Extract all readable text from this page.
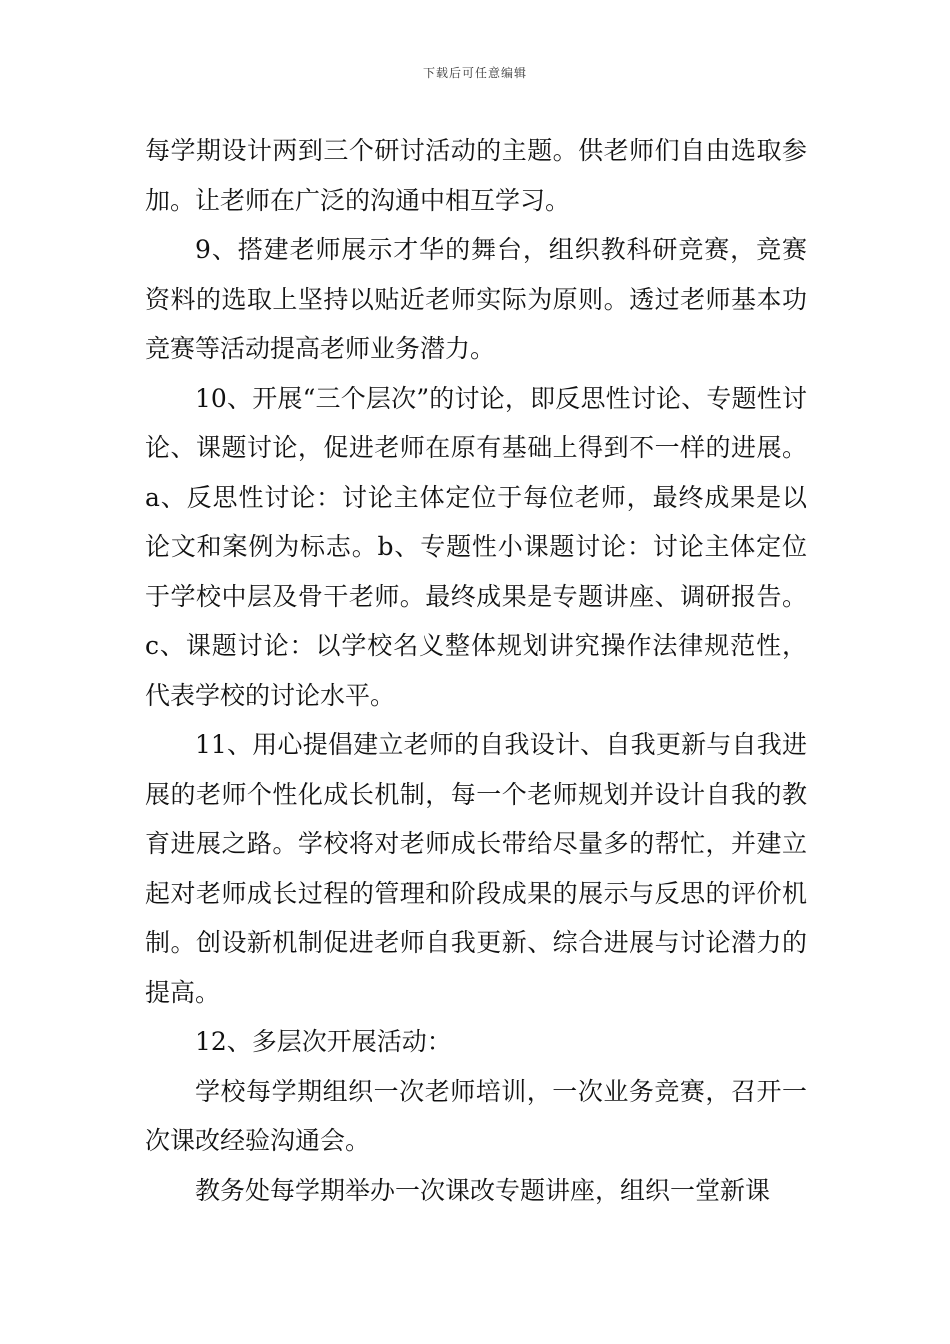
下载后可任意编辑

每学期设计两到三个研讨活动的主题。供老师们自由选取参加。让老师在广泛的沟通中相互学习。

9、搭建老师展示才华的舞台，组织教科研竞赛，竞赛资料的选取上坚持以贴近老师实际为原则。透过老师基本功竞赛等活动提高老师业务潜力。

10、开展“三个层次”的讨论，即反思性讨论、专题性讨论、课题讨论，促进老师在原有基础上得到不一样的进展。a、反思性讨论：讨论主体定位于每位老师，最终成果是以论文和案例为标志。b、专题性小课题讨论：讨论主体定位于学校中层及骨干老师。最终成果是专题讲座、调研报告。c、课题讨论：以学校名义整体规划讲究操作法律规范性，代表学校的讨论水平。

11、用心提倡建立老师的自我设计、自我更新与自我进展的老师个性化成长机制，每一个老师规划并设计自我的教育进展之路。学校将对老师成长带给尽量多的帮忙，并建立起对老师成长过程的管理和阶段成果的展示与反思的评价机制。创设新机制促进老师自我更新、综合进展与讨论潜力的提高。

12、多层次开展活动：

学校每学期组织一次老师培训，一次业务竞赛，召开一次课改经验沟通会。

教务处每学期举办一次课改专题讲座，组织一堂新课
